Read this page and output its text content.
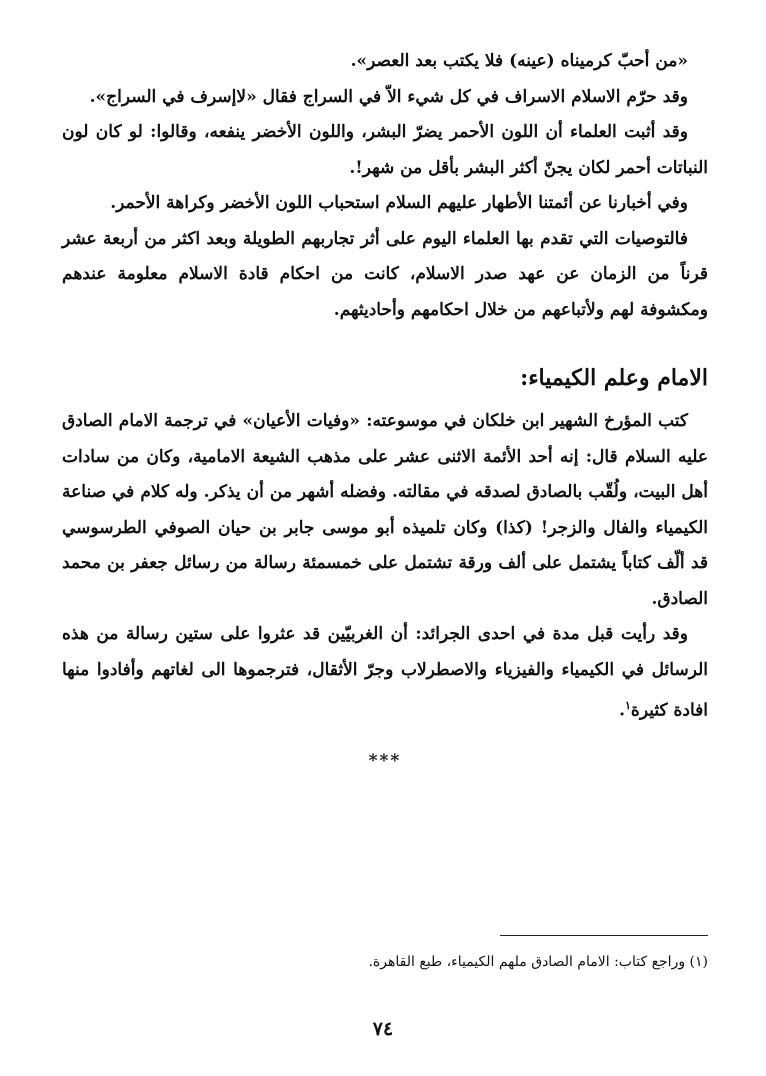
«من أحبّ كرميناه (عينه) فلا يكتب بعد العصر».

وقد حرّم الاسلام الاسراف في كل شيء الاّ في السراج فقال «لاإسرف في السراج».

وقد أثبت العلماء أن اللون الأحمر يضرّ البشر، واللون الأخضر ينفعه، وقالوا: لو كان لون النباتات أحمر لكان يجنّ أكثر البشر بأقل من شهر!.

وفي أخبارنا عن أئمتنا الأطهار عليهم السلام استحباب اللون الأخضر وكراهة الأحمر.

فالتوصيات التي تقدم بها العلماء اليوم على أثر تجاربهم الطويلة وبعد اكثر من أربعة عشر قرناً من الزمان عن عهد صدر الاسلام، كانت من احكام قادة الاسلام معلومة عندهم ومكشوفة لهم ولأتباعهم من خلال احكامهم وأحاديثهم.

الامام وعلم الكيمياء:

كتب المؤرخ الشهير ابن خلكان في موسوعته: «وفيات الأعيان» في ترجمة الامام الصادق عليه السلام قال: إنه أحد الأئمة الاثنى عشر على مذهب الشيعة الامامية، وكان من سادات أهل البيت، ولُقّب بالصادق لصدقه في مقالته. وفضله أشهر من أن يذكر. وله كلام في صناعة الكيمياء والفال والزجر! (كذا) وكان تلميذه أبو موسى جابر بن حيان الصوفي الطرسوسي قد ألّف كتاباً يشتمل على ألف ورقة تشتمل على خمسمئة رسالة من رسائل جعفر بن محمد الصادق.

وقد رأيت قبل مدة في احدى الجرائد: أن الغربيّين قد عثروا على ستين رسالة من هذه الرسائل في الكيمياء والفيزياء والاصطرلاب وجرّ الأثقال، فترجموها الى لغاتهم وأفادوا منها افادة كثيرة$^١$.

***
(١) وراجع كتاب: الامام الصادق ملهم الكيمياء، طبع القاهرة.
٧٤
